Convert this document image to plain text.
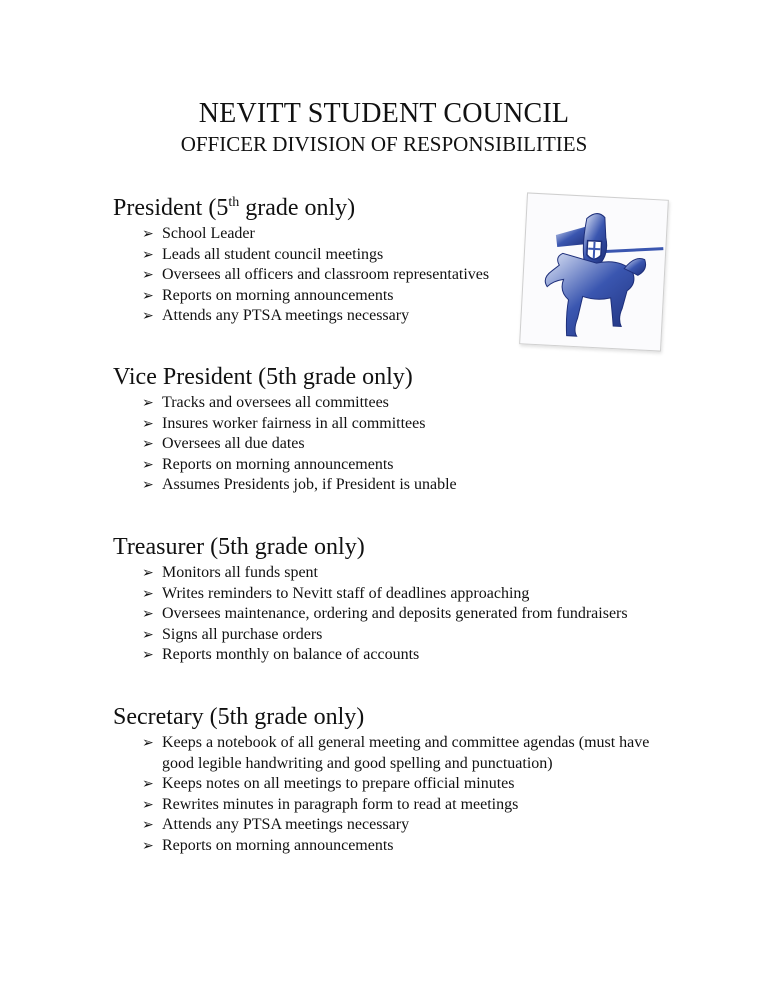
NEVITT STUDENT COUNCIL
OFFICER DIVISION OF RESPONSIBILITIES
President (5th grade only)
➢ School Leader
➢ Leads all student council meetings
➢ Oversees all officers and classroom representatives
➢ Reports on morning announcements
➢ Attends any PTSA meetings necessary
Vice President (5th grade only)
➢ Tracks and oversees all committees
➢ Insures worker fairness in all committees
➢ Oversees all due dates
➢ Reports on morning announcements
➢ Assumes Presidents job, if President is unable
Treasurer (5th grade only)
➢ Monitors all funds spent
➢ Writes reminders to Nevitt staff of deadlines approaching
➢ Oversees maintenance, ordering and deposits generated from fundraisers
➢ Signs all purchase orders
➢ Reports monthly on balance of accounts
Secretary (5th grade only)
➢ Keeps a notebook of all general meeting and committee agendas (must have good legible handwriting and good spelling and punctuation)
➢ Keeps notes on all meetings to prepare official minutes
➢ Rewrites minutes in paragraph form to read at meetings
➢ Attends any PTSA meetings necessary
➢ Reports on morning announcements
